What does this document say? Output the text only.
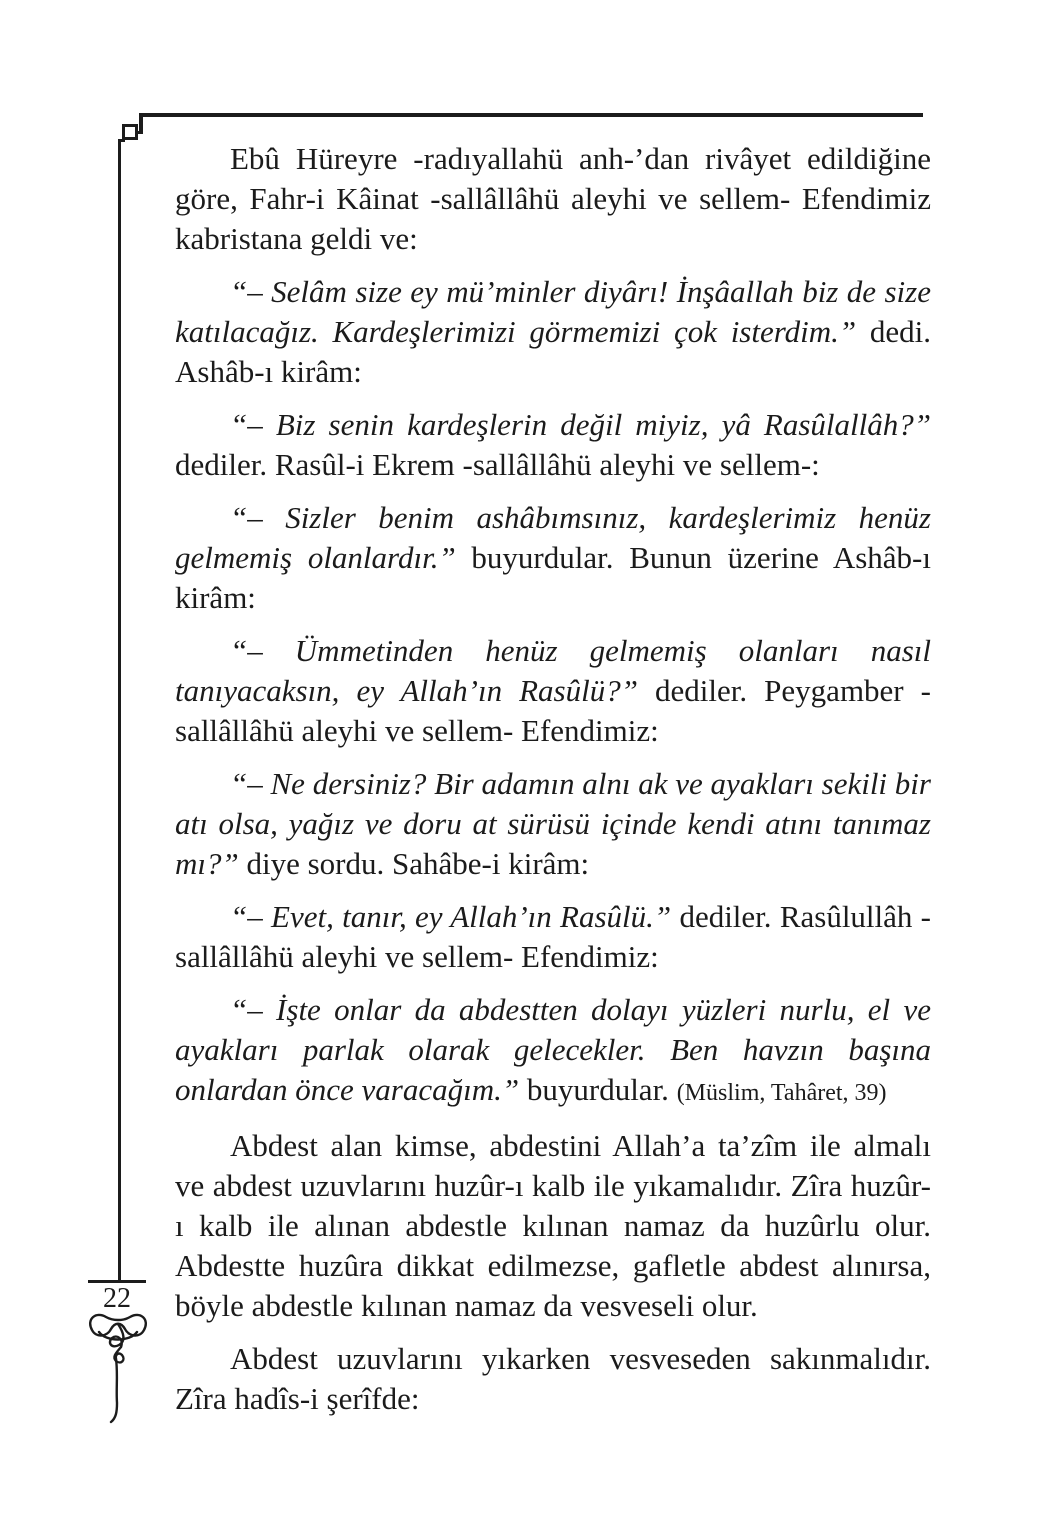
22

Ebû Hüreyre -radıyallahü anh-’dan rivâyet edildiğine göre, Fahr-i Kâinat -sallâllâhü aleyhi ve sellem- Efendimiz kabristana geldi ve:

“– Selâm size ey mü’minler diyârı! İnşâallah biz de size katılacağız. Kardeşlerimizi görmemizi çok isterdim.” dedi. Ashâb-ı kirâm:

“– Biz senin kardeşlerin değil miyiz, yâ Rasûlallâh?” dediler. Rasûl-i Ekrem -sallâllâhü aleyhi ve sellem-:

“– Sizler benim ashâbımsınız, kardeşlerimiz henüz gelmemiş olanlardır.” buyurdular. Bunun üzerine Ashâb-ı kirâm:

“– Ümmetinden henüz gelmemiş olanları nasıl tanıyacaksın, ey Allah’ın Rasûlü?” dediler. Peygamber -sallâllâhü aleyhi ve sellem- Efendimiz:

“– Ne dersiniz? Bir adamın alnı ak ve ayakları sekili bir atı olsa, yağız ve doru at sürüsü içinde kendi atını tanımaz mı?” diye sordu. Sahâbe-i kirâm:

“– Evet, tanır, ey Allah’ın Rasûlü.” dediler. Rasûlullâh -sallâllâhü aleyhi ve sellem- Efendimiz:

“– İşte onlar da abdestten dolayı yüzleri nurlu, el ve ayakları parlak olarak gelecekler. Ben havzın başına onlardan önce varacağım.” buyurdular. (Müslim, Tahâret, 39)

Abdest alan kimse, abdestini Allah’a ta’zîm ile almalı ve abdest uzuvlarını huzûr-ı kalb ile yıkamalıdır. Zîra huzûr-ı kalb ile alınan abdestle kılınan namaz da huzûrlu olur. Abdestte huzûra dikkat edilmezse, gafletle abdest alınırsa, böyle abdestle kılınan namaz da vesveseli olur.

Abdest uzuvlarını yıkarken vesveseden sakınmalıdır. Zîra hadîs-i şerîfde:
